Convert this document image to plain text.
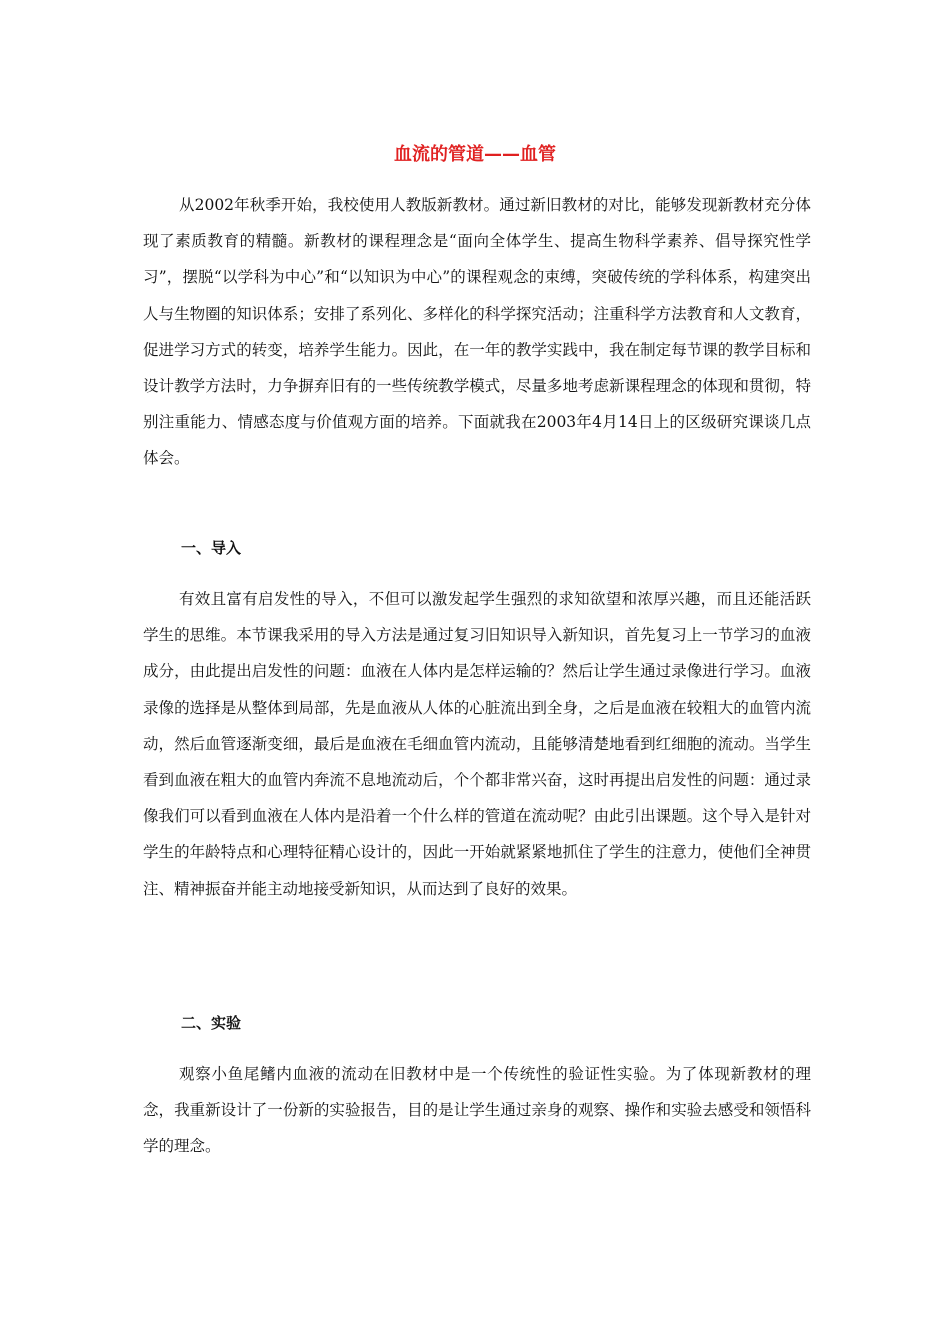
血流的管道——血管

从2002年秋季开始，我校使用人教版新教材。通过新旧教材的对比，能够发现新教材充分体现了素质教育的精髓。新教材的课程理念是“面向全体学生、提高生物科学素养、倡导探究性学习”，摆脱“以学科为中心”和“以知识为中心”的课程观念的束缚，突破传统的学科体系，构建突出人与生物圈的知识体系；安排了系列化、多样化的科学探究活动；注重科学方法教育和人文教育，促进学习方式的转变，培养学生能力。因此，在一年的教学实践中，我在制定每节课的教学目标和设计教学方法时，力争摒弃旧有的一些传统教学模式，尽量多地考虑新课程理念的体现和贯彻，特别注重能力、情感态度与价值观方面的培养。下面就我在2003年4月14日上的区级研究课谈几点体会。

一、导入

有效且富有启发性的导入，不但可以激发起学生强烈的求知欲望和浓厚兴趣，而且还能活跃学生的思维。本节课我采用的导入方法是通过复习旧知识导入新知识，首先复习上一节学习的血液成分，由此提出启发性的问题：血液在人体内是怎样运输的？然后让学生通过录像进行学习。血液录像的选择是从整体到局部，先是血液从人体的心脏流出到全身，之后是血液在较粗大的血管内流动，然后血管逐渐变细，最后是血液在毛细血管内流动，且能够清楚地看到红细胞的流动。当学生看到血液在粗大的血管内奔流不息地流动后，个个都非常兴奋，这时再提出启发性的问题：通过录像我们可以看到血液在人体内是沿着一个什么样的管道在流动呢？由此引出课题。这个导入是针对学生的年龄特点和心理特征精心设计的，因此一开始就紧紧地抓住了学生的注意力，使他们全神贯注、精神振奋并能主动地接受新知识，从而达到了良好的效果。

二、实验

观察小鱼尾鳍内血液的流动在旧教材中是一个传统性的验证性实验。为了体现新教材的理念，我重新设计了一份新的实验报告，目的是让学生通过亲身的观察、操作和实验去感受和领悟科学的理念。
